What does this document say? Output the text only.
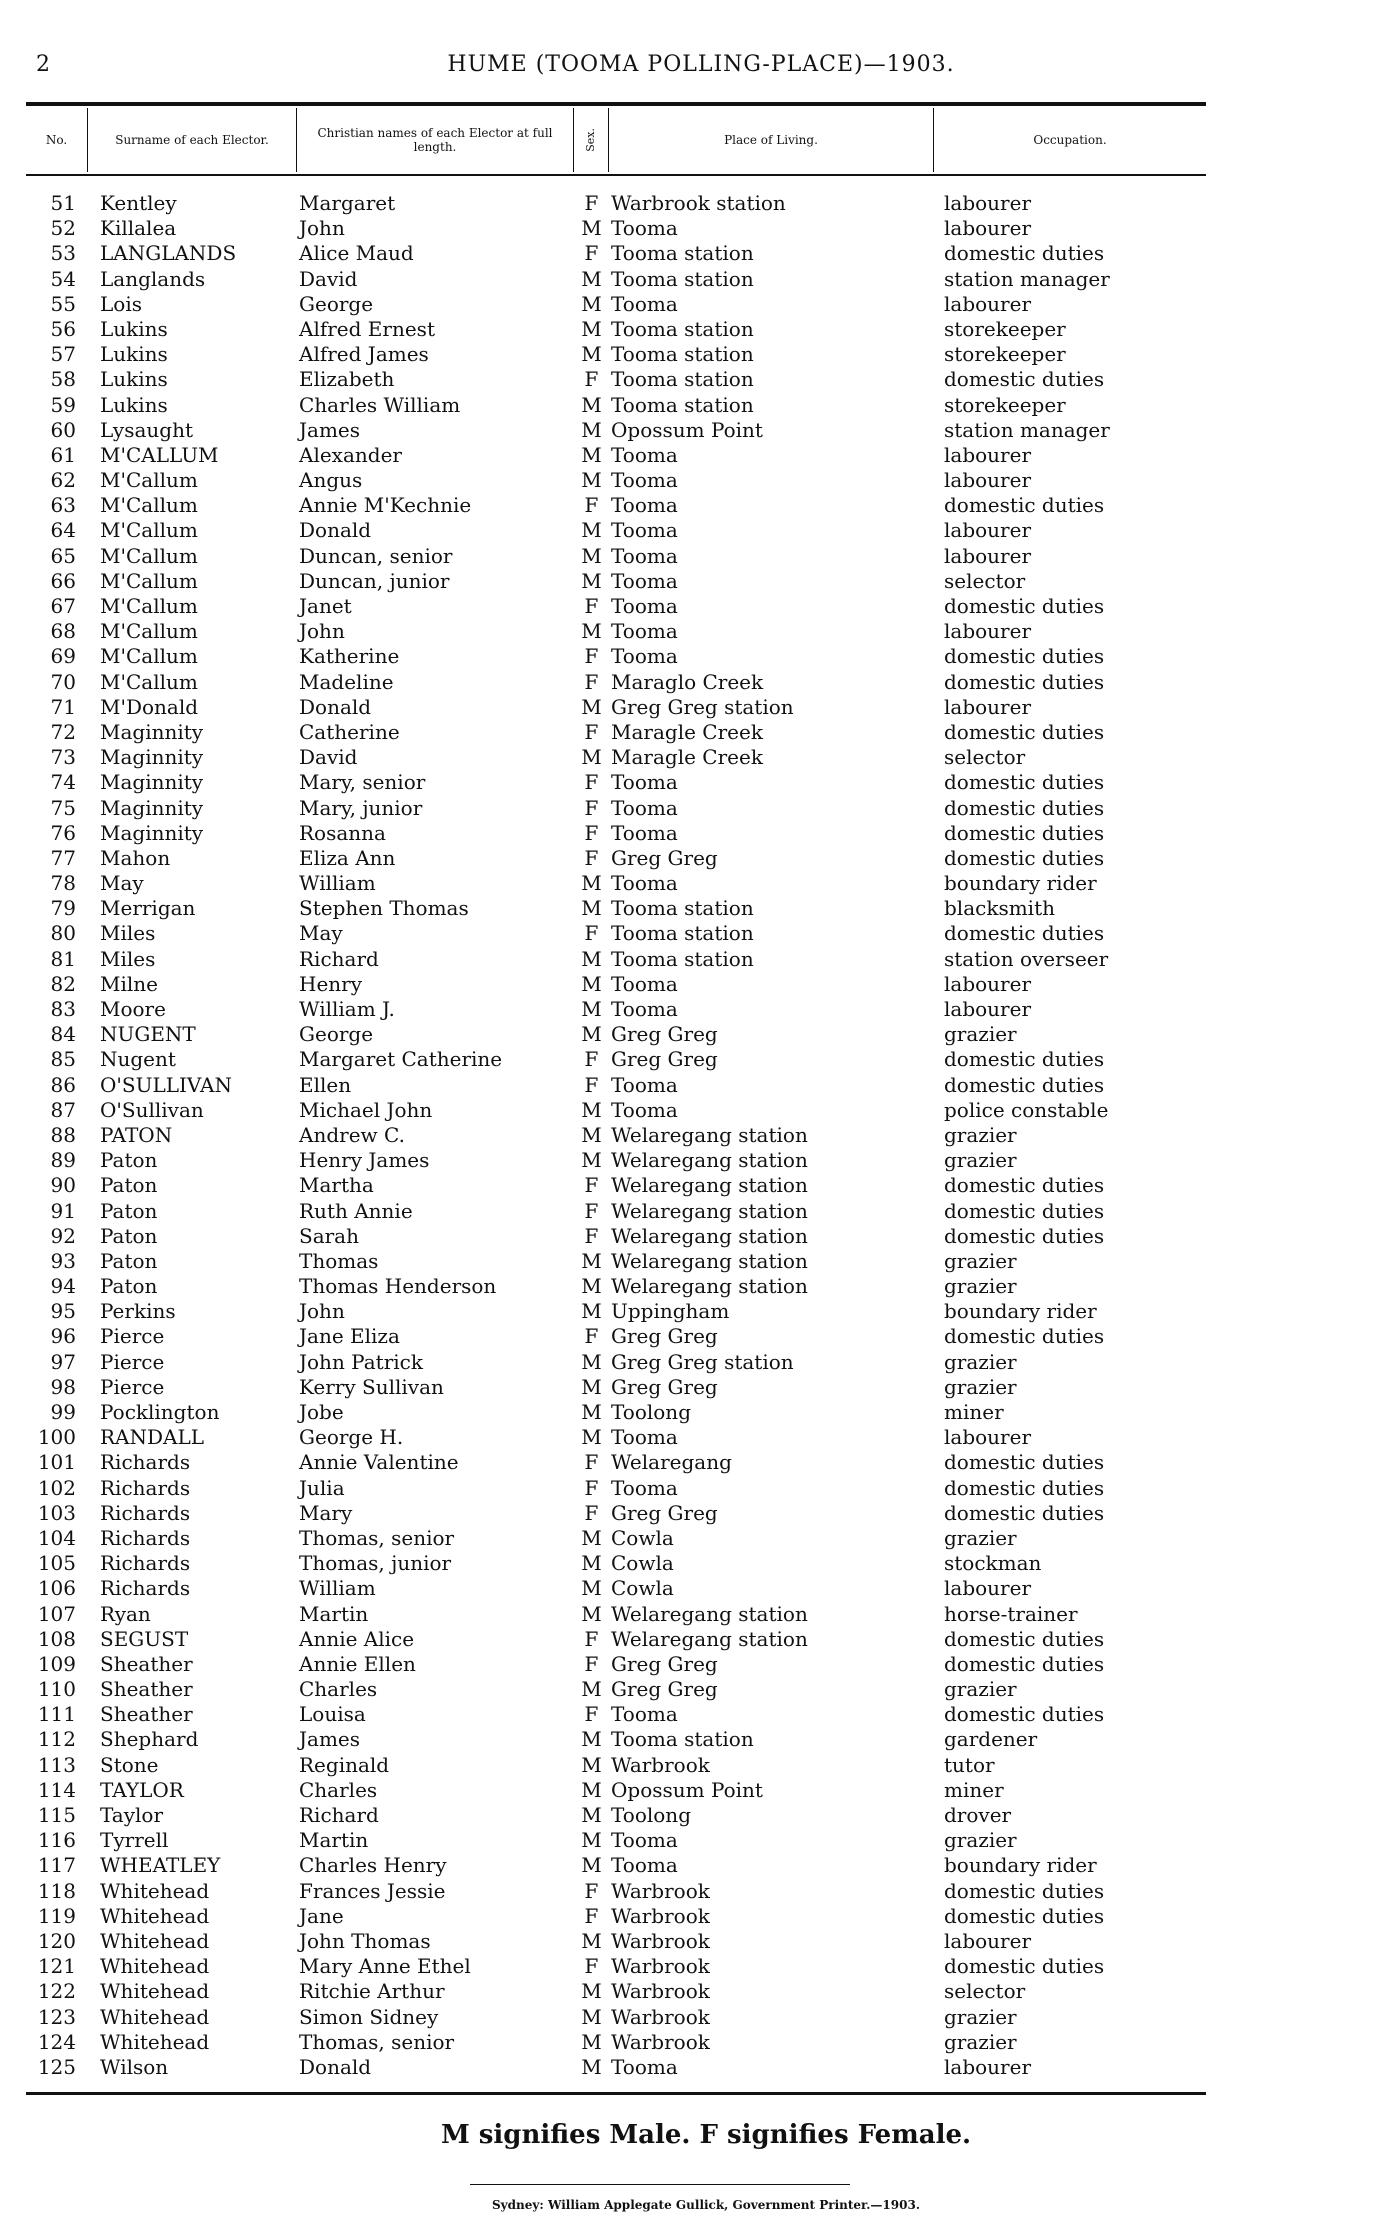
2	HUME (TOOMA POLLING-PLACE)—1903.
No.	Surname of each Elector.	Christian names of each Elector at full length.	Sex.	Place of Living.	Occupation.
51	Kentley	Margaret	F Warbrook station	labourer
52	Killalea	John	M Tooma	labourer
53	LANGLANDS	Alice Maud	F Tooma station	domestic duties
54	Langlands	David	M Tooma station	station manager
55	Lois	George	M Tooma	labourer
56	Lukins	Alfred Ernest	M Tooma station	storekeeper
57	Lukins	Alfred James	M Tooma station	storekeeper
58	Lukins	Elizabeth	F Tooma station	domestic duties
59	Lukins	Charles William	M Tooma station	storekeeper
60	Lysaught	James	M Opossum Point	station manager
61	M'CALLUM	Alexander	M Tooma	labourer
62	M'Callum	Angus	M Tooma	labourer
63	M'Callum	Annie M'Kechnie	F Tooma	domestic duties
64	M'Callum	Donald	M Tooma	labourer
65	M'Callum	Duncan, senior	M Tooma	labourer
66	M'Callum	Duncan, junior	M Tooma	selector
67	M'Callum	Janet	F Tooma	domestic duties
68	M'Callum	John	M Tooma	labourer
69	M'Callum	Katherine	F Tooma	domestic duties
70	M'Callum	Madeline	F Maraglo Creek	domestic duties
71	M'Donald	Donald	M Greg Greg station	labourer
72	Maginnity	Catherine	F Maragle Creek	domestic duties
73	Maginnity	David	M Maragle Creek	selector
74	Maginnity	Mary, senior	F Tooma	domestic duties
75	Maginnity	Mary, junior	F Tooma	domestic duties
76	Maginnity	Rosanna	F Tooma	domestic duties
77	Mahon	Eliza Ann	F Greg Greg	domestic duties
78	May	William	M Tooma	boundary rider
79	Merrigan	Stephen Thomas	M Tooma station	blacksmith
80	Miles	May	F Tooma station	domestic duties
81	Miles	Richard	M Tooma station	station overseer
82	Milne	Henry	M Tooma	labourer
83	Moore	William J.	M Tooma	labourer
84	NUGENT	George	M Greg Greg	grazier
85	Nugent	Margaret Catherine	F Greg Greg	domestic duties
86	O'SULLIVAN	Ellen	F Tooma	domestic duties
87	O'Sullivan	Michael John	M Tooma	police constable
88	PATON	Andrew C.	M Welaregang station	grazier
89	Paton	Henry James	M Welaregang station	grazier
90	Paton	Martha	F Welaregang station	domestic duties
91	Paton	Ruth Annie	F Welaregang station	domestic duties
92	Paton	Sarah	F Welaregang station	domestic duties
93	Paton	Thomas	M Welaregang station	grazier
94	Paton	Thomas Henderson	M Welaregang station	grazier
95	Perkins	John	M Uppingham	boundary rider
96	Pierce	Jane Eliza	F Greg Greg	domestic duties
97	Pierce	John Patrick	M Greg Greg station	grazier
98	Pierce	Kerry Sullivan	M Greg Greg	grazier
99	Pocklington	Jobe	M Toolong	miner
100	RANDALL	George H.	M Tooma	labourer
101	Richards	Annie Valentine	F Welaregang	domestic duties
102	Richards	Julia	F Tooma	domestic duties
103	Richards	Mary	F Greg Greg	domestic duties
104	Richards	Thomas, senior	M Cowla	grazier
105	Richards	Thomas, junior	M Cowla	stockman
106	Richards	William	M Cowla	labourer
107	Ryan	Martin	M Welaregang station	horse-trainer
108	SEGUST	Annie Alice	F Welaregang station	domestic duties
109	Sheather	Annie Ellen	F Greg Greg	domestic duties
110	Sheather	Charles	M Greg Greg	grazier
111	Sheather	Louisa	F Tooma	domestic duties
112	Shephard	James	M Tooma station	gardener
113	Stone	Reginald	M Warbrook	tutor
114	TAYLOR	Charles	M Opossum Point	miner
115	Taylor	Richard	M Toolong	drover
116	Tyrrell	Martin	M Tooma	grazier
117	WHEATLEY	Charles Henry	M Tooma	boundary rider
118	Whitehead	Frances Jessie	F Warbrook	domestic duties
119	Whitehead	Jane	F Warbrook	domestic duties
120	Whitehead	John Thomas	M Warbrook	labourer
121	Whitehead	Mary Anne Ethel	F Warbrook	domestic duties
122	Whitehead	Ritchie Arthur	M Warbrook	selector
123	Whitehead	Simon Sidney	M Warbrook	grazier
124	Whitehead	Thomas, senior	M Warbrook	grazier
125	Wilson	Donald	M Tooma	labourer
M signifies Male. F signifies Female.
Sydney: William Applegate Gullick, Government Printer.—1903.
